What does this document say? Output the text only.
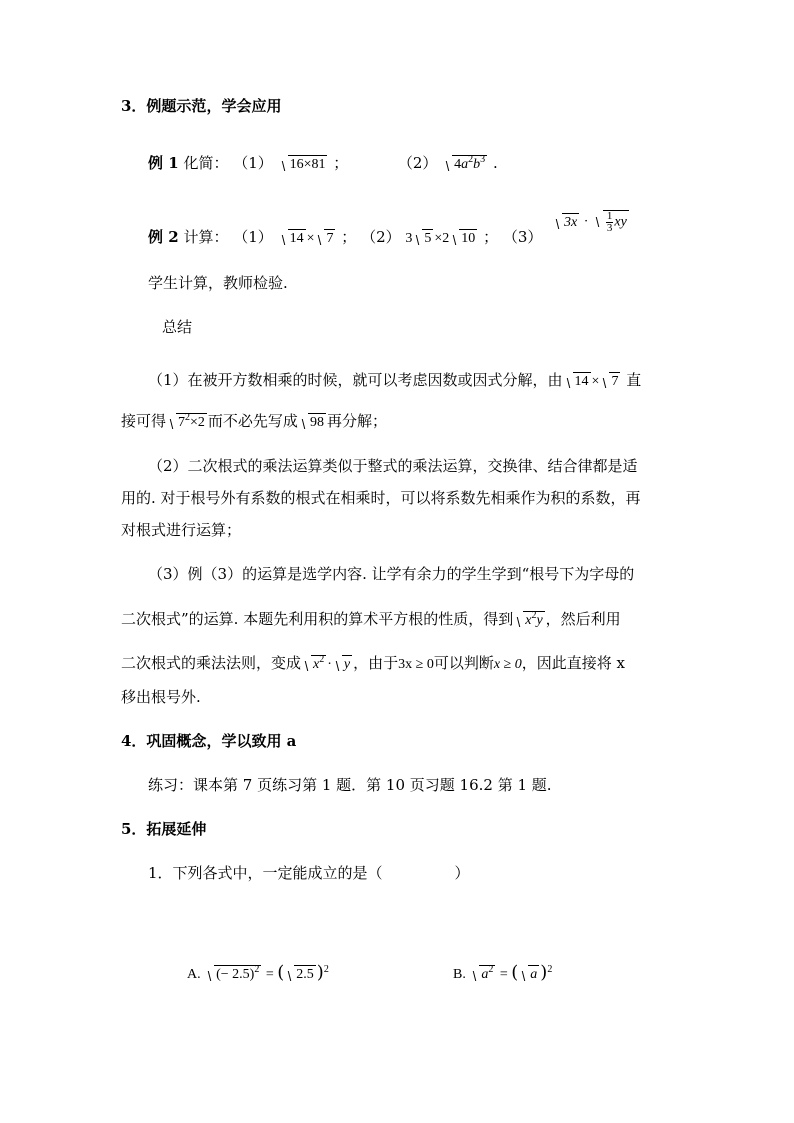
3．例题示范，学会应用
例 1 化简： （1） 16×81 ；	（2） $4a^2b^3$ .
例 2 计算： （1） 14 × 7 ； （2） 3 5 ×2 10 ； （3）
$3x \cdot \frac{1}{3}$ xy
学生计算，教师检验.
总结
（1）在被开方数相乘的时候，就可以考虑因数或因式分解，由 14 × 7 直
接可得 $7^2\times 2$ 而不必先写成 98 再分解；
（2）二次根式的乘法运算类似于整式的乘法运算，交换律、结合律都是适
用的. 对于根号外有系数的根式在相乘时，可以将系数先相乘作为积的系数，再
对根式进行运算；
（3）例（3）的运算是选学内容. 让学有余力的学生学到“根号下为字母的
二次根式”的运算. 本题先利用积的算术平方根的性质，得到 $x^2y$ ，然后利用
二次根式的乘法法则，变成 $x^2 \cdot y$ ，由于3x ≥ 0可以判断x ≥ 0，因此直接将 x
移出根号外.
4．巩固概念，学以致用 a
练习：课本第 7 页练习第 1 题．第 10 页习题 16.2 第 1 题.
5．拓展延伸
1．下列各式中，一定能成立的是（	）
A. (− 2.5)$^2$ = ( 2.5 )$^2$	B. $a^2$ = ( a )$^2$
